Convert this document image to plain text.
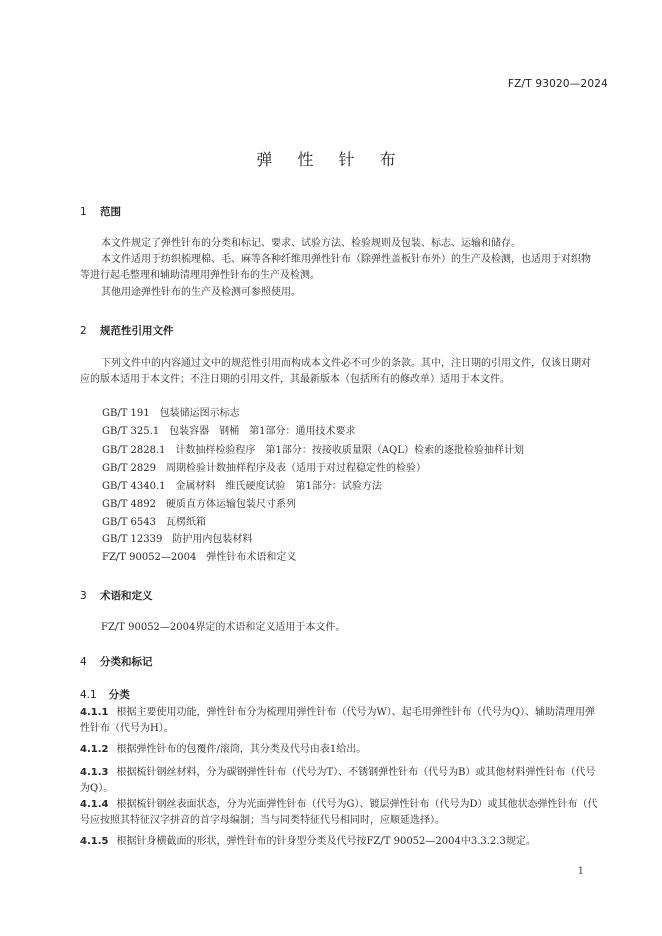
FZ/T 93020—2024
弹 性 针 布
1 范围
本文件规定了弹性针布的分类和标记、要求、试验方法、检验规则及包装、标志、运输和储存。
本文件适用于纺织梳理棉、毛、麻等各种纤维用弹性针布（除弹性盖板针布外）的生产及检测，也适用于对织物等进行起毛整理和辅助清理用弹性针布的生产及检测。
其他用途弹性针布的生产及检测可参照使用。
2 规范性引用文件
下列文件中的内容通过文中的规范性引用而构成本文件必不可少的条款。其中，注日期的引用文件，仅该日期对应的版本适用于本文件；不注日期的引用文件，其最新版本（包括所有的修改单）适用于本文件。
GB/T 191　包装储运图示标志
GB/T 325.1　包装容器　钢桶　第1部分：通用技术要求
GB/T 2828.1　计数抽样检验程序　第1部分：按接收质量限（AQL）检索的逐批检验抽样计划
GB/T 2829　周期检验计数抽样程序及表（适用于对过程稳定性的检验）
GB/T 4340.1　金属材料　维氏硬度试验　第1部分：试验方法
GB/T 4892　硬质直方体运输包装尺寸系列
GB/T 6543　瓦楞纸箱
GB/T 12339　防护用内包装材料
FZ/T 90052—2004　弹性针布术语和定义
3 术语和定义
FZ/T 90052—2004界定的术语和定义适用于本文件。
4 分类和标记
4.1 分类
4.1.1 根据主要使用功能，弹性针布分为梳理用弹性针布（代号为W）、起毛用弹性针布（代号为Q）、辅助清理用弹性针布（代号为H）。
4.1.2 根据弹性针布的包覆件/滚筒，其分类及代号由表1给出。
4.1.3 根据梳针钢丝材料，分为碳钢弹性针布（代号为T）、不锈钢弹性针布（代号为B）或其他材料弹性针布（代号为Q）。
4.1.4 根据梳针钢丝表面状态，分为光面弹性针布（代号为G）、镀层弹性针布（代号为D）或其他状态弹性针布（代号应按照其特征汉字拼音的首字母编制；当与同类特征代号相同时，应顺延选择）。
4.1.5 根据针身横截面的形状，弹性针布的针身型分类及代号按FZ/T 90052—2004中3.3.2.3规定。
1
